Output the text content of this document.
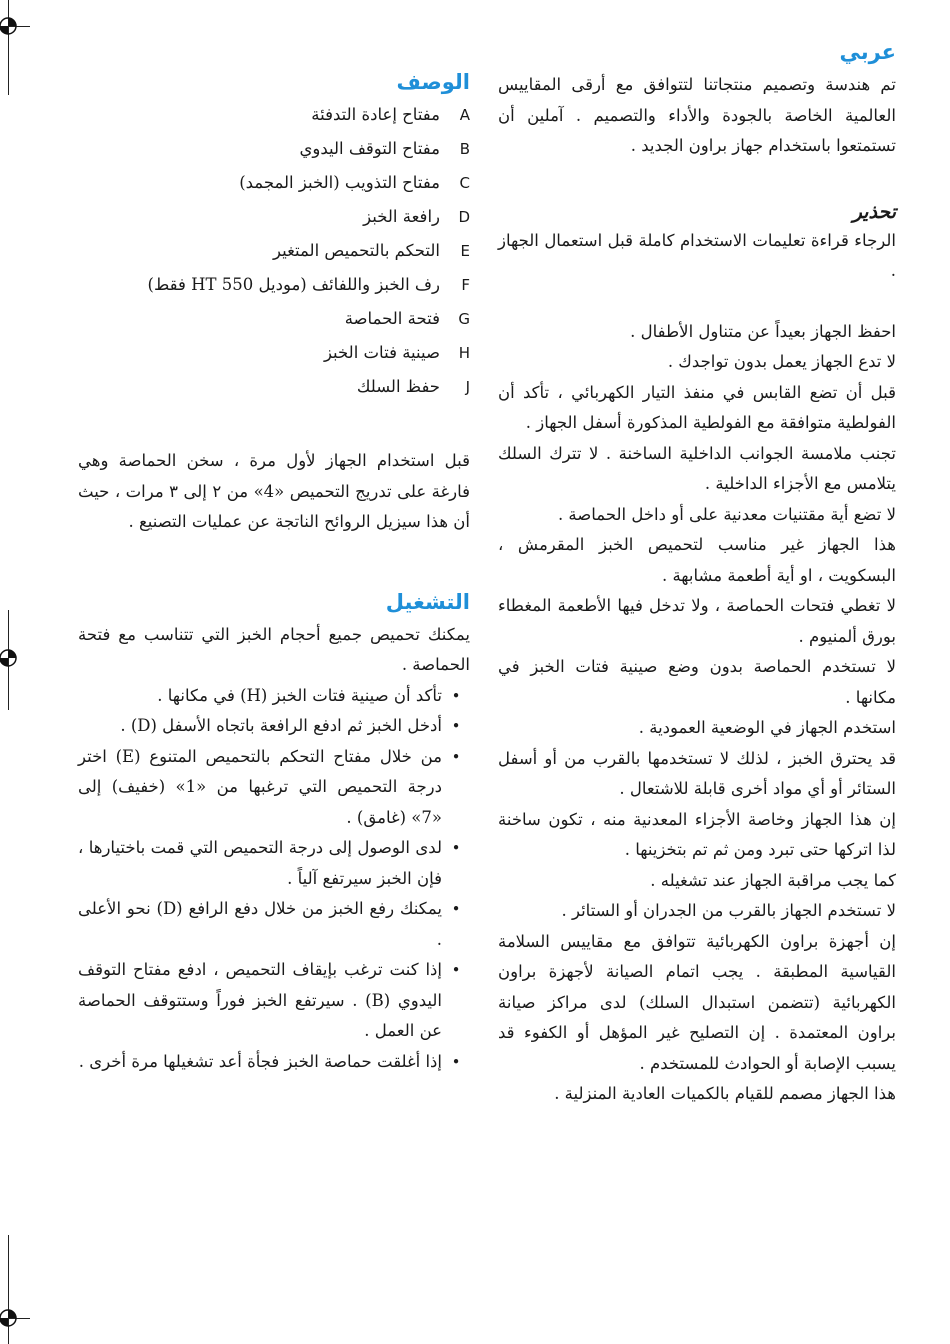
عربي

تم هندسة وتصميم منتجاتنا لتتوافق مع أرقى المقاييس العالمية الخاصة بالجودة والأداء والتصميم . آملين أن تستمتعوا باستخدام جهاز براون الجديد .

تحذير

الرجاء قراءة تعليمات الاستخدام كاملة قبل استعمال الجهاز .

احفظ الجهاز بعيداً عن متناول الأطفال .

لا تدع الجهاز يعمل بدون تواجدك .

قبل أن تضع القابس في منفذ التيار الكهربائي ، تأكد أن الفولطية متوافقة مع الفولطية المذكورة أسفل الجهاز .

تجنب ملامسة الجوانب الداخلية الساخنة . لا تترك السلك يتلامس مع الأجزاء الداخلية .

لا تضع أية مقتنيات معدنية على أو داخل الحماصة .

هذا الجهاز غير مناسب لتحميص الخبز المقرمش ، البسكويت ، او أية أطعمة مشابهة .

لا تغطي فتحات الحماصة ، ولا تدخل فيها الأطعمة المغطاء بورق ألمنيوم .

لا تستخدم الحماصة بدون وضع صينية فتات الخبز في مكانها .

استخدم الجهاز في الوضعية العمودية .

قد يحترق الخبز ، لذلك لا تستخدمها بالقرب من أو أسفل الستائر أو أي مواد أخرى قابلة للاشتعال .

إن هذا الجهاز وخاصة الأجزاء المعدنية منه ، تكون ساخنة لذا اتركها حتى تبرد ومن ثم تم بتخزينها .

كما يجب مراقبة الجهاز عند تشغيله .

لا تستخدم الجهاز بالقرب من الجدران أو الستائر .

إن أجهزة براون الكهربائية تتوافق مع مقاييس السلامة القياسية المطبقة . يجب اتمام الصيانة لأجهزة براون الكهربائية (تتضمن استبدال السلك) لدى مراكز صيانة براون المعتمدة . إن التصليح غير المؤهل أو الكفوء قد يسبب الإصابة أو الحوادث للمستخدم .

هذا الجهاز مصمم للقيام بالكميات العادية المنزلية .

الوصف
A
مفتاح إعادة التدفئة
B
مفتاح التوقف اليدوي
C
مفتاح التذويب (الخبز المجمد)
D
رافعة الخبز
E
التحكم بالتحميص المتغير
F
رف الخبز واللفائف (موديل HT 550 فقط)
G
فتحة الحماصة
H
صينية فتات الخبز
J
حفظ السلك

قبل استخدام الجهاز لأول مرة ، سخن الحماصة وهي فارغة على تدريج التحميص «4» من ٢ إلى ٣ مرات ، حيث أن هذا سيزيل الروائح الناتجة عن عمليات التصنيع .

التشغيل

يمكنك تحميص جميع أحجام الخبز التي تتناسب مع فتحة الحماصة .

•
تأكد أن صينية فتات الخبز (H) في مكانها .
•
أدخل الخبز ثم ادفع الرافعة باتجاه الأسفل (D) .
•
من خلال مفتاح التحكم بالتحميص المتنوع (E) اختر درجة التحميص التي ترغبها من «1» (خفيف) إلى «7» (غامق) .
•
لدى الوصول إلى درجة التحميص التي قمت باختيارها ، فإن الخبز سيرتفع آلياً .
•
يمكنك رفع الخبز من خلال دفع الرافع (D) نحو الأعلى .
•
إذا كنت ترغب بإيقاف التحميص ، ادفع مفتاح التوقف اليدوي (B) . سيرتفع الخبز فوراً وستتوقف الحماصة عن العمل .
•
إذا أغلقت حماصة الخبز فجأة أعد تشغيلها مرة أخرى .
